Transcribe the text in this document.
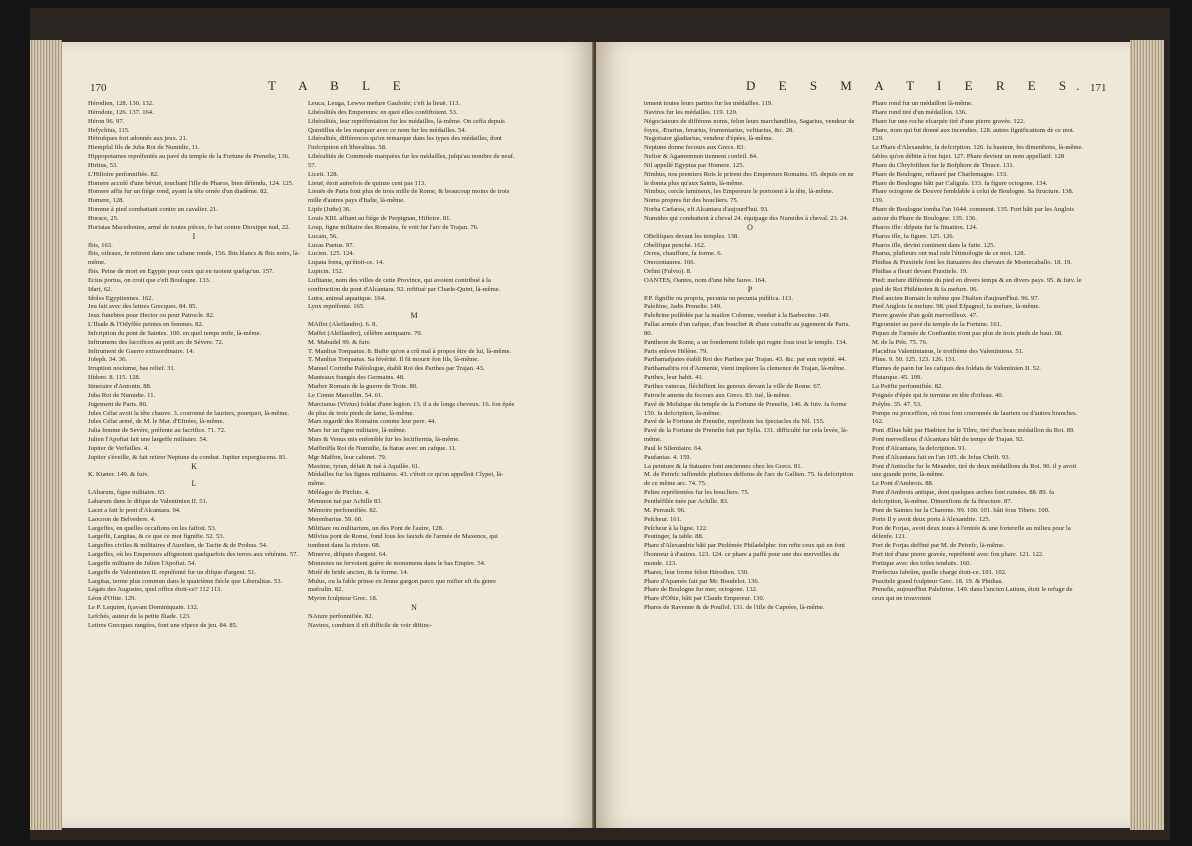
170	T A B L E

Hérodien, 128. 130. 132.

Hérodote, 126. 137. 164.

Héron 96. 97.

Hefychius, 115.

Hétrufques fort adonnés aux jeux. 21.

Hiempfal fils de Juba Roi de Numidie, 11.

Hippopotames repréfentés au pavé du temple de la Fortune de Preneſte, 136.

Hirtius, 53.

L'Hiſtoire perſonnifiée. 82.

Homere accufé d'une bévuë, touchant l'ifle de Pharos, bien défendu, 124. 125.

Homere affis fur un fiége rond, ayant la tête ornée d'un diadème. 82.

Homere, 128.

Homme à pied combattant contre un cavalier. 21.

Horace, 25.

Horiatas Macedonien, armé de toutes pièces, fe bat contre Dioxippe nud, 22.

I

Ibis, 163.

Ibis, oifeaux, fe retirent dans une cabane ronde, 156. Ibis blancs & Ibis noirs, là-même.

Ibis. Peine de mort en Egypte pour ceux qui en tuoient quelqu'un. 157.

Ecius portus, on croit que c'eft Boulogne. 133.

Idari, 62.

Idoles Egyptiennes. 162.

Jeu fait avec des lettres Grecques. 84. 85.

Jeux funebres pour Hector ou pour Patrocle. 82.

L'Iliade & l'Odyffée peintes en femmes. 82.

Infcription du pont de Saintes. 100. en quel temps mife, là-même.

Inftrumens des facrifices au petit arc de Sévere. 72.

Inftrument de Guerre extraordinaire. 14.

Jofeph. 34. 36.

Irruption nocturne, bas relief. 31.

Ifidore. 8. 115. 128.

Itineraire d'Antonin. 88.

Juba Roi de Numidie. 11.

Jugement de Paris. 80.

Jules Céfar avoit la tête chauve. 3. couronné de lauriers, pourquoi, là-même.

Jules Céfar armé, de M. le Mar. d'Eftrées, là-même.

Julia femme de Sevére, préfente au facrifice. 71. 72.

Julien l'Apoftat fait une largeffe militaire. 54.

Jupiter de Verfailles. 4.

Jupiter s'éveille, & fait retirer Neptune du combat. Jupiter expergiscens. 81.

K

K. Ktæter. 149. & fuiv.

L

LAbarum, figne militaire. 65.

Labarum dans le difque de Valentinien II. 51.

Lacet a fait le pont d'Alcantara. 94.

Laocoon de Belvedere. 4.

Largeffes, en quelles occafions on les faifoit. 53.

Largeffe, Largitas, & ce que ce mot fignifie. 52. 53.

Largeffes civiles & militaires d'Aurelien, de Tacite & de Probus. 54.

Largeffes, où les Empereurs affignoient quelquefois des terres aux vétérans. 57.

Largeffe militaire de Julien l'Apoftat. 54.

Largeffe de Valentinien II. repréfenté fur un difque d'argent. 51.

Largitas, terme plus commun dans le quatrième fiécle que Liberalitas. 53.

Légats des Augustes, quel office étoit-ce? 112 113.

Léon d'Oftie. 129.

Le P. Lequien, fçavant Dominiquain. 132.

Lefchés, auteur de la petite Iliade. 123.

Lettres Grecques rangées, font une efpece de jeu. 84. 85.

Leuca, Leuga, Lewva mefure Gauloife; c'eft la lieuë. 113.

Libéralités des Empereurs: en quoi elles confiftoient. 53.

Libéralités, leur repréfentation fur les médailles, là-même. On ceffa depuis Quintillus de les marquer avec ce nom fur les médailles. 54.

Libéralités, différences qu'on remarque dans les types des médailles, dont l'infcription eft liberalitas. 58.

Libéralités de Commode marquées fur les médailles, jufqu'au nombre de neuf. 57.

Liceti. 128.

Lieuë, étoit autrefois de quinze cent pas 113.

Lieuës de Paris font plus de trois mille de Rome, & beaucoup moins de trois mille d'autres pays d'Italie, là-même.

Lipfe (Jufte) 36.

Louis XIII. affiant au fiége de Perpignan, Hiftoire. 81.

Loup, figne militaire des Romains, fe voit fur l'arc de Trajan. 76.

Lucain, 56.

Lucas Paetus. 97.

Lucien. 125. 124.

Lupata frena, qu'étoit-ce. 14.

Lupicin. 152.

Lufitanie, nom des villes de cette Province, qui avoient contribué à la conftruction du pont d'Alcantara. 92. reftitué par Charle-Quint, là-même.

Lutra, animal aquatique. 164.

Lynx repréfenté. 165.

M

MAffei (Alefſandro). 6. 8.

Maffei (Alefſandro), célèbre antiquaire. 70.

M. Mabudel 99. & fuiv.

T. Manlius Torquatus. 8. Bufte qu'on a crû mal à propos être de lui, là-même.

T. Manlius Torquatus. Sa févérité. Il fit mourir fon fils, là-même.

Manuel Corinthe Paléologue, établi Roi des Parthes par Trajan. 43.

Manteaux frangés des Germains. 48.

Marbre Romain de la guerre de Troie. 80.

Le Comte Marcellin. 54. 61.

Marcianus (Vivius) foldat d'une legion. 13. il a de longs cheveux. 16. fon épée de plus de trois pieds de lame, là-même.

Mars regardé des Romains comme leur pere. 44.

Mars fur un figne militaire, là-même.

Mars & Venus mis enfemble fur les lectifternia, là-même.

Maffiniffa Roi de Numidie, fa ftatue avec un cafque. 11.

Mgr Maffon, leur cabinet. 79.

Maxime, tyran, défait & tué à Aquilée. 61.

Médailles fur les fignes militaires. 43. c'étoit ce qu'on appelloit Clypei, là-même.

Méléagre de Pirchio. 4.

Memnon tué par Achille 83.

Mémoire perfonnifiée. 82.

Merenbarius. 59. 60.

Militiare ou militarium, un des Pont de l'autre, 128.

Milvius pont de Rome, fond fous les fauxds de l'armée de Maxence, qui tombent dans la riviere. 68.

Minerve, difques d'argent. 64.

Monnoies ne fervoient guère de monumens dans le bas Empire. 54.

Mufé de bride ancien, & fa forme. 14.

Mulus, ou la fable prinse en Jeune gargon parce que mifier eft du genre mafculin. 82.

Myron fculpteur Grec. 18.

N

NAture perfonnifiée. 82.

Navires, combien il eft difficile de voir diftinc-

D E S M A T I E R E S. 171

tement toutes leurs parties fur les médailles. 119.

Navires fur les médailles. 119. 120.

Négociateurs de différens noms, felon leurs marchandifes, Sagarius, vendeur de foyes, Ærarius, ferarius, frumentarius, veftiarius, &c. 28.

Negotiator gladiarius, vendeur d'épées, là-même.

Neptune donne fecours aux Grecs. 83.

Neftor & Agamemnon tiennent confeil. 84.

Nil appellé Egyptus par Homere. 125.

Nimbus, nos premiers Rois le prirent des Empereurs Romains. 65. depuis on ne le donna plus qu'aux Saints, là-même.

Nimbus, cercle lumineux, les Empereurs le portoient à la tête, là-même.

Noms propres fur des boucliers. 75.

Norba Cæfarea, eft Alcantara d'aujourd'hui. 93.

Numides qui combattent à cheval 24. équipage des Numides à cheval. 23. 24.

O

OBeliſques devant les temples. 138.

Obelifque penché. 162.

Ocrea, chauffure, fa forme. 6.

Onocentaures. 166.

Orfini (Fulvio). 8.

OANTES, Oantes, nom d'une bête fauve. 164.

P

P.P. fignifie ou propria, pecunia ou pecunia publica. 113.

Paleſtine, Jadis Preneſte. 149.

Paleſtrine poſſédée par la maiſon Colonne, venduë à la Barbezine. 149.

Pallas armée d'un cafque, d'un bouclier & d'une cuiraffe au jugement de Paris. 80.

Pantheon de Rome, a un fondement folide qui regne fous tout le temple. 134.

Paris enleve Hélène. 79.

Parthamafpates établi Roi des Parthes par Trajan. 43. &c. par eux rejetté. 44.

Parthamafiris roi d'Armenie, vient implorer la clemence de Trajan, là-même.

Parthes, leur habit. 41.

Parthes vaincus, fléchiffent les genoux devant la ville de Rome. 67.

Patrocle amene du fecours aux Grecs. 83. tué, là-même.

Pavé de Mofaïque du temple de la Fortune de Preneſte, 146. & fuiv. fa forme 150. fa defcription, là-même.

Pavé de la Fortune de Preneſte, repréfente les fpectacles du Nil. 155.

Pavé de la Fortune de Preneſte fait par Sylla. 131. difficulté fur cela levée, là-même.

Paul le Silentiaire. 64.

Paufanias. 4. 159.

La peinture & la ftatuaire font anciennes chez les Grecs. 81.

M. de Peirefc raffemble plufieurs deffeins de l'arc de Gallien. 75. fa defcription de ce même arc. 74. 75.

Peltes repréfentées fur les boucliers. 75.

Penthéfilée tuée par Achille. 83.

M. Perrault. 96.

Peſcheur. 161.

Peſcheur à la ligne. 122.

Peutinger, fa table. 88.

Phare d'Alexandrie bâti par Ptolémée Philadelphe: ton refte ceux qui en font l'honneur à d'autres. 123. 124. ce phare a paffé pour une des merveilles du monde. 123.

Phares, leur forme felon Hérodien. 130.

Phare d'Apamée fait par Mr. Boudelot. 136.

Phare de Boulogne fur mer, octogone. 132.

Phare d'Oftie, bâti par Claude Empereur. 130.

Phares de Ravenne & de Pouſſol. 131. de l'ifle de Caprées, là-même.

Phare rond fur un médaillon là-même.

Phare rond tiré d'un médaillon. 136.

Phare fur une roche efcarpée tiré d'une pierre gravée. 122.

Phare, nom qui fut donné aux incendies. 128. autres fignifications de ce mot. 129.

Le Phare d'Alexandrie, fa defcription. 126. fa hauteur, fes dimenfions, là-même. fables qu'on débite à fon fujet. 127. Phare devient un nom appellatif. 128

Phare du Chryfofthon fur le Bofphore de Thrace. 131.

Phare de Boulogne, reftauré par Charlemagne. 133.

Phare de Boulogne bâti par Caligula. 133. fa figure octogone. 134.

Phare octogone de Douvre femblable à celui de Boulogne. Sa ftructure. 138. 139.

Phare de Boulogne tomba l'an 1644. comment. 135. Fort bâti par les Anglois autour du Phare de Boulogne. 135. 136.

Pharos ifle: difpute fur fa fituation. 124.

Pharos ifle, fa figure. 125. 126.

Pharos ifle, devint continent dans la fuite. 125.

Pharus, plufieurs ont mal rafe l'étimologie de ce mot. 128.

Phidias & Praxitele font les ftatuaires des chevaux de Montecaballo. 18. 19.

Phidias a fleuri devant Praxitele. 19.

Pied: mefure différente du pied en divers temps & en divers pays. 95. & fuiv. le pied de Roi Philéterien & fa mefure. 96.

Pied ancien Romain le même que l'Italien d'aujourd'hui. 96. 97.

Pied Anglois fa mefure. 98. pied Efpagnol, fa mefure, là-même.

Pierre gravée d'un goût merveilleux. 47.

Pigeonnier au pavé du temple de la Fortune. 161.

Piques de l'armée de Conftantin n'ont pas plus de trois pieds de haut. 68.

M. de la Pife. 75. 76.

Placidius Valentinianus, le troifiéme des Valentiniens. 51.

Pline. 9. 50. 125. 123. 126. 151.

Plumes de paon fur les cafques des foldats de Valentinien II. 52.

Plutarque. 45. 109.

La Poëfie perfonnifiée. 82.

Poignée d'épée qui fe termine en tête d'oifeau. 40.

Polybe. 35. 47. 53.

Pompe ou proceffion, où tous font couronnés de lauriers ou d'autres branches. 162.

Pont Ælius bâti par Hadrien fur le Tibre, tiré d'un beau médaillon du Roi. 89.

Pont merveilleux d'Alcantara bâti du temps de Trajan. 92.

Pont d'Alcantara, fa defcription. 91.

Pont d'Alcantara fait en l'an 105. de Jefus Chrift. 93.

Pont d'Antioche fur le Meandre, tiré de deux médaillons du Roi. 90. il y avoit une grande porte, là-même.

Le Pont d'Ambrois. 88.

Pont d'Ambrois antique, dont quelques arches font ruinées. 88. 89. fa defcription, là-même. Dimenfions de fa ftructure. 87.

Pont de Saintes fur la Charente. 99. 100. 101. bâti fous Tibere. 100.

Ports Il y avoit deux ports à Alexandrie. 125.

Port de Forjas, avoit deux tours à l'entrée & une forterefle au milieu pour la défenfe. 121.

Port de Forjas deffiné par M. de Peirefc, là-même.

Port tiré d'une pierre gravée, repréfenté avec fon phare. 121. 122.

Portique avec des toiles tenduës. 160.

Præfectus fabrûm, quelle charge étoit-ce. 101. 102.

Praxitele grand fculpteur Grec. 18. 19. & Phidias.

Preneſte, aujourd'hui Paleſtrine. 149. dans l'ancien Latium, étoit le refuge de ceux qui ne trouvoient
